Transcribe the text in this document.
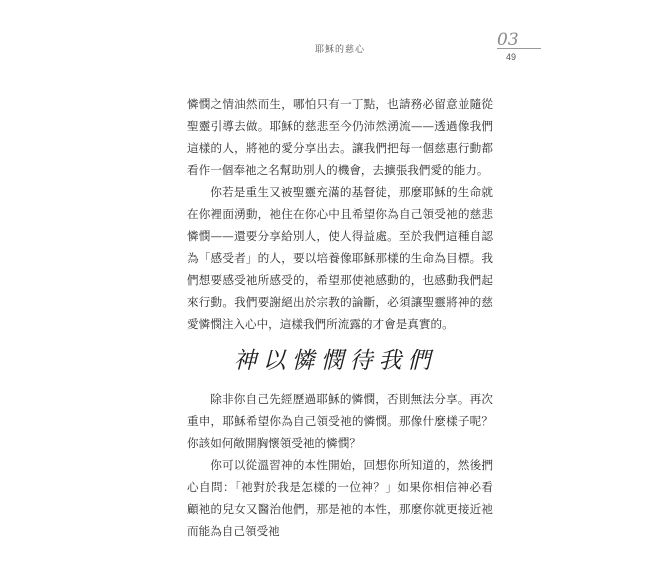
耶穌的慈心	03
49

憐憫之情油然而生，哪怕只有一丁點，也請務必留意並隨從聖靈引導去做。耶穌的慈悲至今仍沛然湧流——透過像我們這樣的人，將祂的愛分享出去。讓我們把每一個慈惠行動都看作一個奉祂之名幫助別人的機會，去擴張我們愛的能力。

你若是重生又被聖靈充滿的基督徒，那麼耶穌的生命就在你裡面湧動，祂住在你心中且希望你為自己領受祂的慈悲憐憫——還要分享給別人，使人得益處。至於我們這種自認為「感受者」的人，要以培養像耶穌那樣的生命為目標。我們想要感受祂所感受的，希望那使祂感動的，也感動我們起來行動。我們要謝絕出於宗教的論斷，必須讓聖靈將神的慈愛憐憫注入心中，這樣我們所流露的才會是真實的。

神以憐憫待我們

除非你自己先經歷過耶穌的憐憫，否則無法分享。再次重申，耶穌希望你為自己領受祂的憐憫。那像什麼樣子呢？你該如何敞開胸懷領受祂的憐憫？

你可以從溫習神的本性開始，回想你所知道的，然後捫心自問：「祂對於我是怎樣的一位神？」如果你相信神必看顧祂的兒女又醫治他們，那是祂的本性，那麼你就更接近祂而能為自己領受祂
